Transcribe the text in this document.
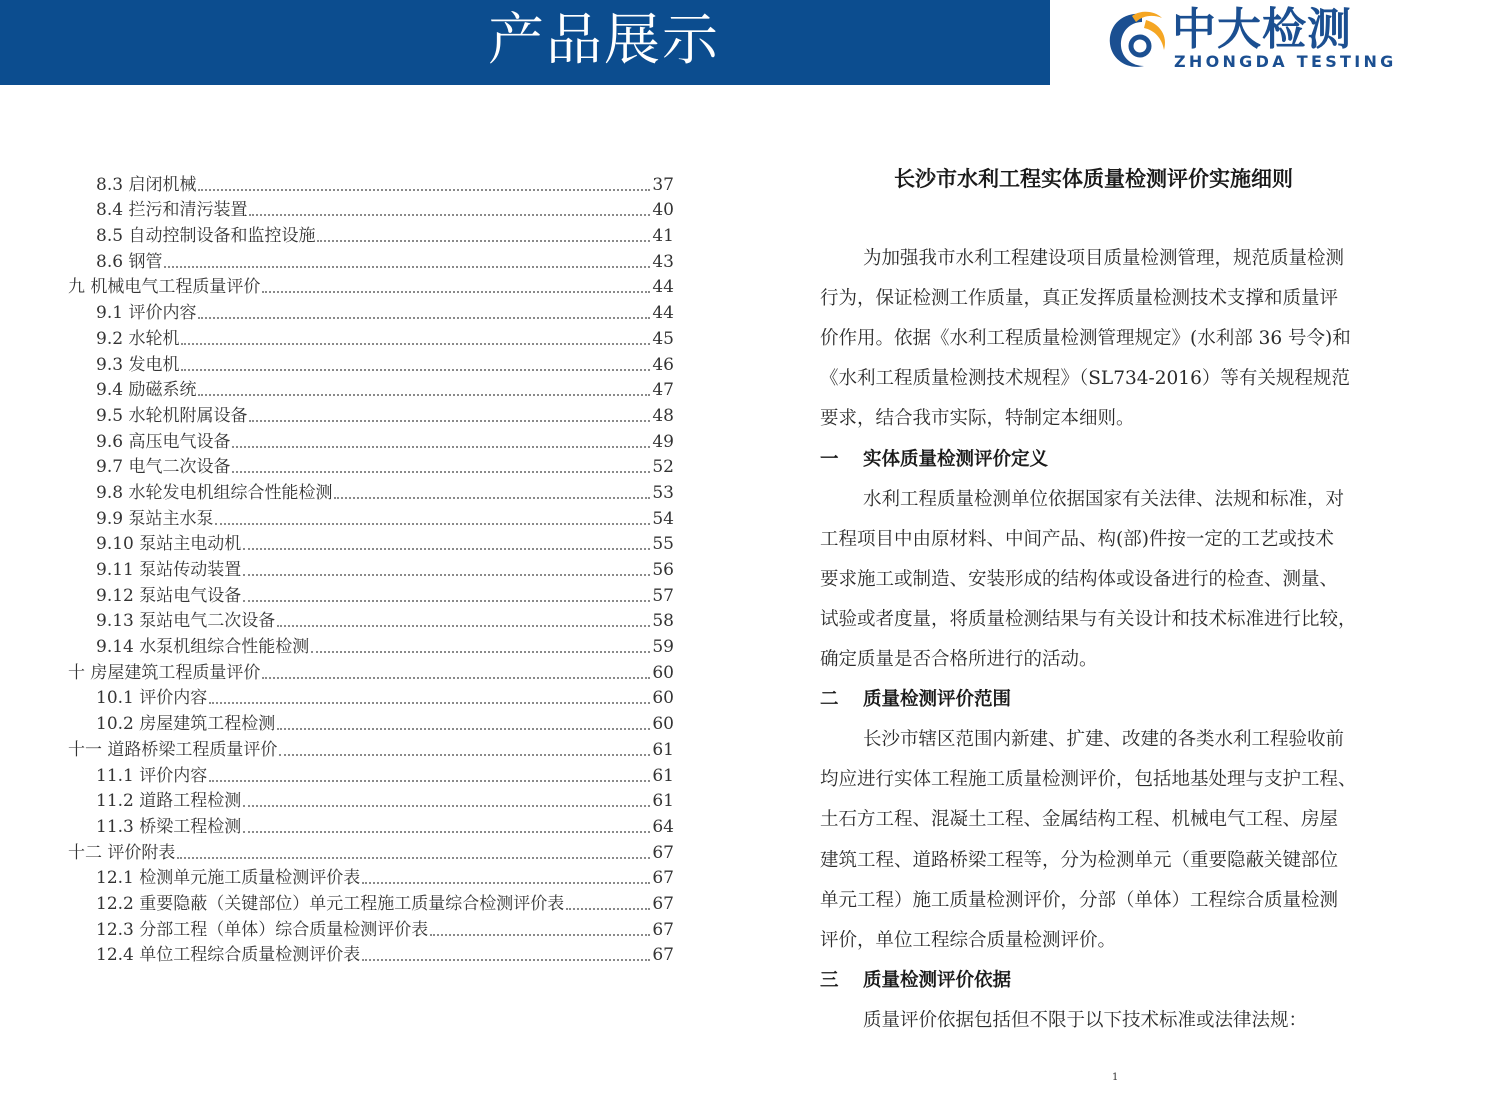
产品展示	中大检测
ZHONGDA TESTING
8.3 启闭机械	37
8.4 拦污和清污装置	40
8.5 自动控制设备和监控设施	41
8.6 钢管	43
九 机械电气工程质量评价	44
9.1 评价内容	44
9.2 水轮机	45
9.3 发电机	46
9.4 励磁系统	47
9.5 水轮机附属设备	48
9.6 高压电气设备	49
9.7 电气二次设备	52
9.8 水轮发电机组综合性能检测	53
9.9 泵站主水泵	54
9.10 泵站主电动机	55
9.11 泵站传动装置	56
9.12 泵站电气设备	57
9.13 泵站电气二次设备	58
9.14 水泵机组综合性能检测	59
十 房屋建筑工程质量评价	60
10.1 评价内容	60
10.2 房屋建筑工程检测	60
十一 道路桥梁工程质量评价	61
11.1 评价内容	61
11.2 道路工程检测	61
11.3 桥梁工程检测	64
十二 评价附表	67
12.1 检测单元施工质量检测评价表	67
12.2 重要隐蔽（关键部位）单元工程施工质量综合检测评价表	67
12.3 分部工程（单体）综合质量检测评价表	67
12.4 单位工程综合质量检测评价表	67
长沙市水利工程实体质量检测评价实施细则
为加强我市水利工程建设项目质量检测管理，规范质量检测
行为，保证检测工作质量，真正发挥质量检测技术支撑和质量评
价作用。依据《水利工程质量检测管理规定》(水利部 36 号令)和
《水利工程质量检测技术规程》（SL734-2016）等有关规程规范
要求，结合我市实际，特制定本细则。
一 实体质量检测评价定义
水利工程质量检测单位依据国家有关法律、法规和标准，对
工程项目中由原材料、中间产品、构(部)件按一定的工艺或技术
要求施工或制造、安装形成的结构体或设备进行的检查、测量、
试验或者度量，将质量检测结果与有关设计和技术标准进行比较，
确定质量是否合格所进行的活动。
二 质量检测评价范围
长沙市辖区范围内新建、扩建、改建的各类水利工程验收前
均应进行实体工程施工质量检测评价，包括地基处理与支护工程、
土石方工程、混凝土工程、金属结构工程、机械电气工程、房屋
建筑工程、道路桥梁工程等，分为检测单元（重要隐蔽关键部位
单元工程）施工质量检测评价，分部（单体）工程综合质量检测
评价，单位工程综合质量检测评价。
三 质量检测评价依据
质量评价依据包括但不限于以下技术标准或法律法规：
1
